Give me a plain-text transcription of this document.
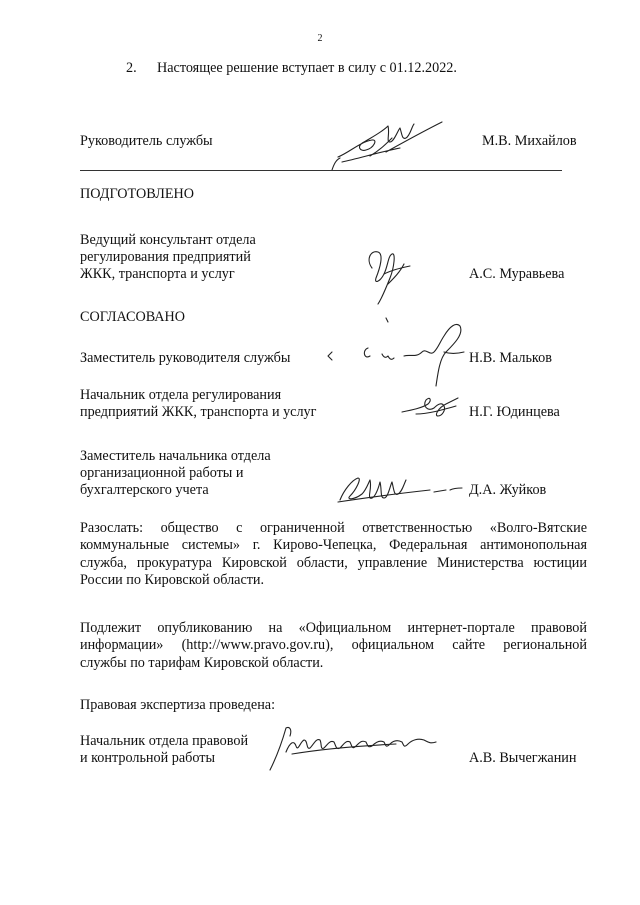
2
2. Настоящее решение вступает в силу с 01.12.2022.
Руководитель службы	М.В. Михайлов
ПОДГОТОВЛЕНО
Ведущий консультант отдела
регулирования предприятий
ЖКК, транспорта и услуг	А.С. Муравьева
СОГЛАСОВАНО
Заместитель руководителя службы	Н.В. Мальков
Начальник отдела регулирования
предприятий ЖКК, транспорта и услуг	Н.Г. Юдинцева
Заместитель начальника отдела
организационной работы и
бухгалтерского учета	Д.А. Жуйков
Разослать: общество с ограниченной ответственностью «Волго-Вятские
коммунальные системы» г. Кирово-Чепецка, Федеральная антимонопольная
служба, прокуратура Кировской области, управление Министерства юстиции
России по Кировской области.
Подлежит опубликованию на «Официальном интернет-портале правовой
информации» (http://www.pravo.gov.ru), официальном сайте региональной
службы по тарифам Кировской области.
Правовая экспертиза проведена:
Начальник отдела правовой
и контрольной работы	А.В. Вычегжанин
